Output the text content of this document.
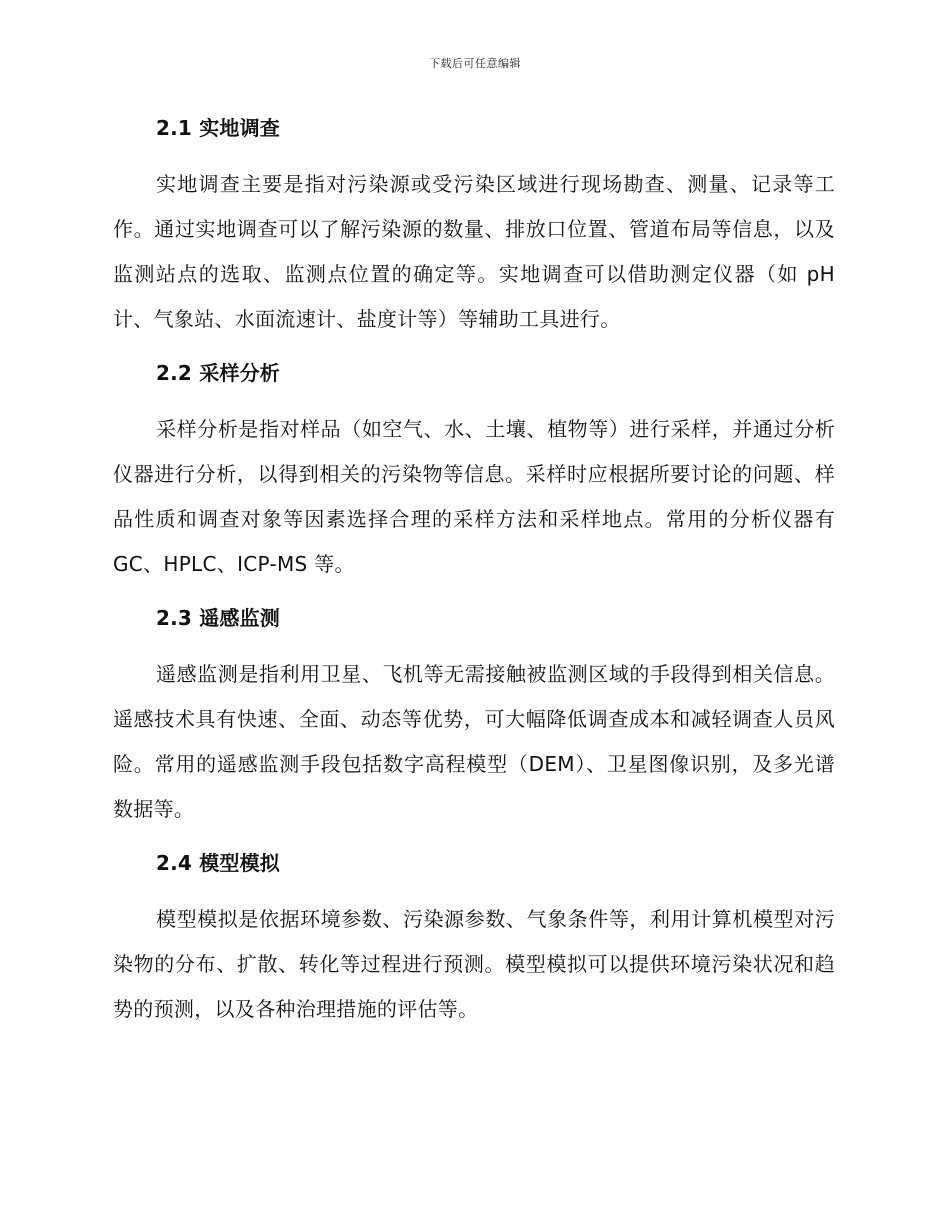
下载后可任意编辑
2.1 实地调查

实地调查主要是指对污染源或受污染区域进行现场勘查、测量、记录等工作。通过实地调查可以了解污染源的数量、排放口位置、管道布局等信息，以及监测站点的选取、监测点位置的确定等。实地调查可以借助测定仪器（如 pH 计、气象站、水面流速计、盐度计等）等辅助工具进行。

2.2 采样分析

采样分析是指对样品（如空气、水、土壤、植物等）进行采样，并通过分析仪器进行分析，以得到相关的污染物等信息。采样时应根据所要讨论的问题、样品性质和调查对象等因素选择合理的采样方法和采样地点。常用的分析仪器有 GC、HPLC、ICP-MS 等。

2.3 遥感监测

遥感监测是指利用卫星、飞机等无需接触被监测区域的手段得到相关信息。遥感技术具有快速、全面、动态等优势，可大幅降低调查成本和减轻调查人员风险。常用的遥感监测手段包括数字高程模型（DEM）、卫星图像识别，及多光谱数据等。

2.4 模型模拟

模型模拟是依据环境参数、污染源参数、气象条件等，利用计算机模型对污染物的分布、扩散、转化等过程进行预测。模型模拟可以提供环境污染状况和趋势的预测，以及各种治理措施的评估等。
